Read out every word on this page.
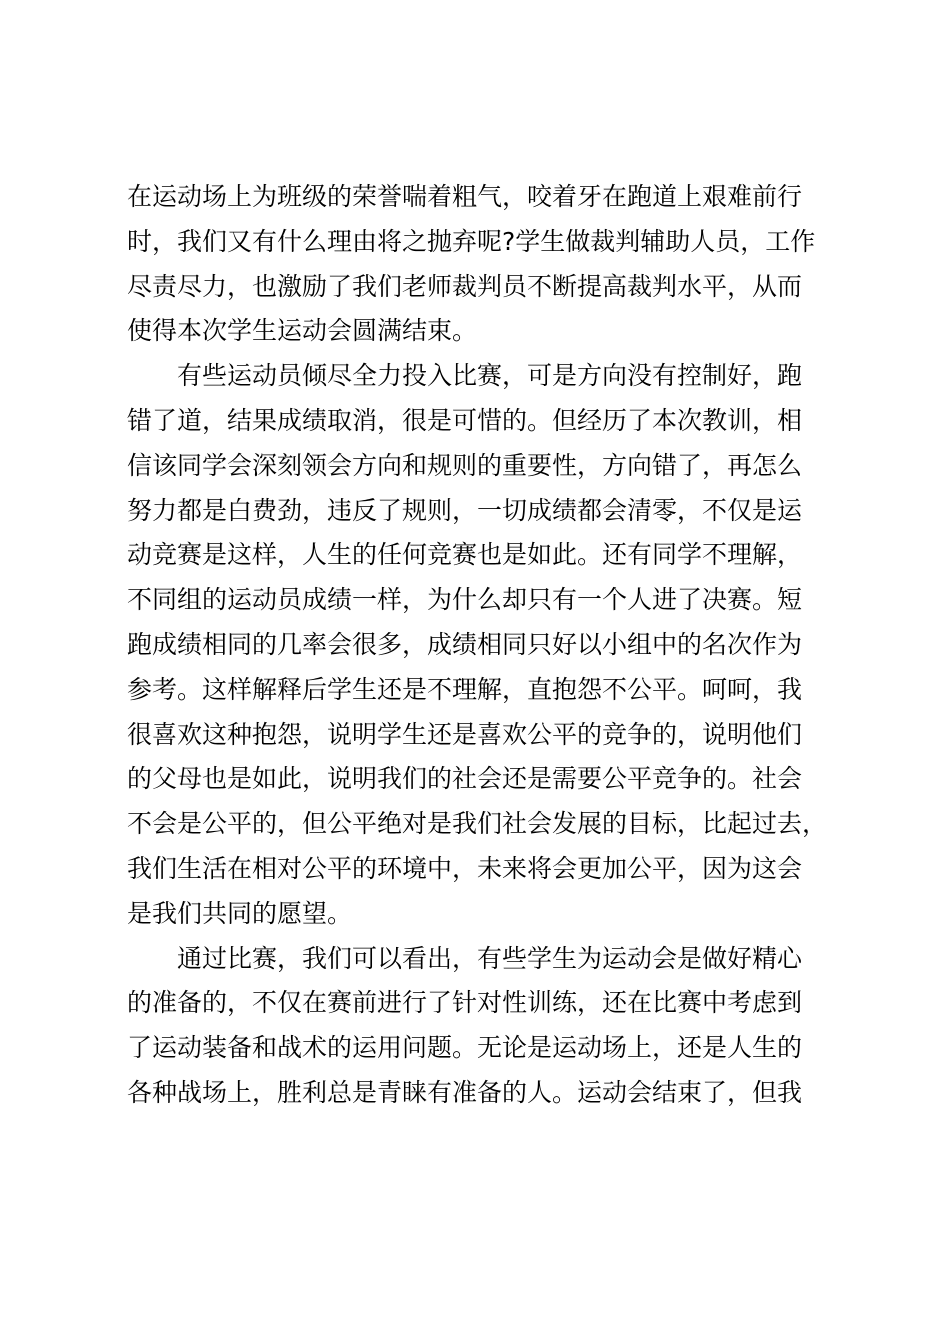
在运动场上为班级的荣誉喘着粗气，咬着牙在跑道上艰难前行
时，我们又有什么理由将之抛弃呢?学生做裁判辅助人员，工作
尽责尽力，也激励了我们老师裁判员不断提高裁判水平，从而
使得本次学生运动会圆满结束。
有些运动员倾尽全力投入比赛，可是方向没有控制好，跑
错了道，结果成绩取消，很是可惜的。但经历了本次教训，相
信该同学会深刻领会方向和规则的重要性，方向错了，再怎么
努力都是白费劲，违反了规则，一切成绩都会清零，不仅是运
动竞赛是这样，人生的任何竞赛也是如此。还有同学不理解，
不同组的运动员成绩一样，为什么却只有一个人进了决赛。短
跑成绩相同的几率会很多，成绩相同只好以小组中的名次作为
参考。这样解释后学生还是不理解，直抱怨不公平。呵呵，我
很喜欢这种抱怨，说明学生还是喜欢公平的竞争的，说明他们
的父母也是如此，说明我们的社会还是需要公平竞争的。社会
不会是公平的，但公平绝对是我们社会发展的目标，比起过去，
我们生活在相对公平的环境中，未来将会更加公平，因为这会
是我们共同的愿望。
通过比赛，我们可以看出，有些学生为运动会是做好精心
的准备的，不仅在赛前进行了针对性训练，还在比赛中考虑到
了运动装备和战术的运用问题。无论是运动场上，还是人生的
各种战场上，胜利总是青睐有准备的人。运动会结束了，但我
